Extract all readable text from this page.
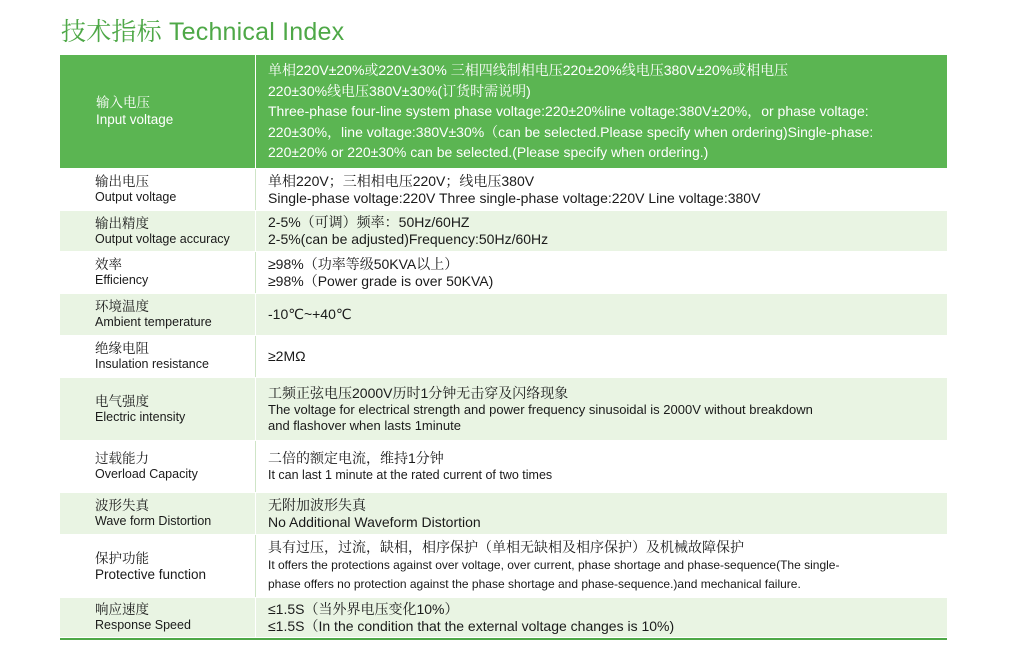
技术指标 Technical Index
输入电压
Input voltage
单相220V±20%或220V±30% 三相四线制相电压220±20%线电压380V±20%或相电压
220±30%线电压380V±30%(订货时需说明)
Three-phase four-line system phase voltage:220±20%line voltage:380V±20%，or phase voltage:
220±30%，line voltage:380V±30%（can be selected.Please specify when ordering)Single-phase:
220±20% or 220±30% can be selected.(Please specify when ordering.)
输出电压
Output voltage
单相220V；三相相电压220V；线电压380V
Single-phase voltage:220V Three single-phase voltage:220V Line voltage:380V
输出精度
Output voltage accuracy
2-5%（可调）频率：50Hz/60HZ
2-5%(can be adjusted)Frequency:50Hz/60Hz
效率
Efficiency
≥98%（功率等级50KVA以上）
≥98%（Power grade is over 50KVA)
环境温度
Ambient temperature	-10℃~+40℃
绝缘电阻
Insulation resistance	≥2MΩ
电气强度
Electric intensity
工频正弦电压2000V历时1分钟无击穿及闪络现象
The voltage for electrical strength and power frequency sinusoidal is 2000V without breakdown
and flashover when lasts 1minute
过载能力
Overload Capacity
二倍的额定电流，维持1分钟
It can last 1 minute at the rated current of two times
波形失真
Wave form Distortion
无附加波形失真
No Additional Waveform Distortion
保护功能
Protective function
具有过压，过流，缺相，相序保护（单相无缺相及相序保护）及机械故障保护
It offers the protections against over voltage, over current, phase shortage and phase-sequence(The single-
phase offers no protection against the phase shortage and phase-sequence.)and mechanical failure.
响应速度
Response Speed
≤1.5S（当外界电压变化10%）
≤1.5S（In the condition that the external voltage changes is 10%)
